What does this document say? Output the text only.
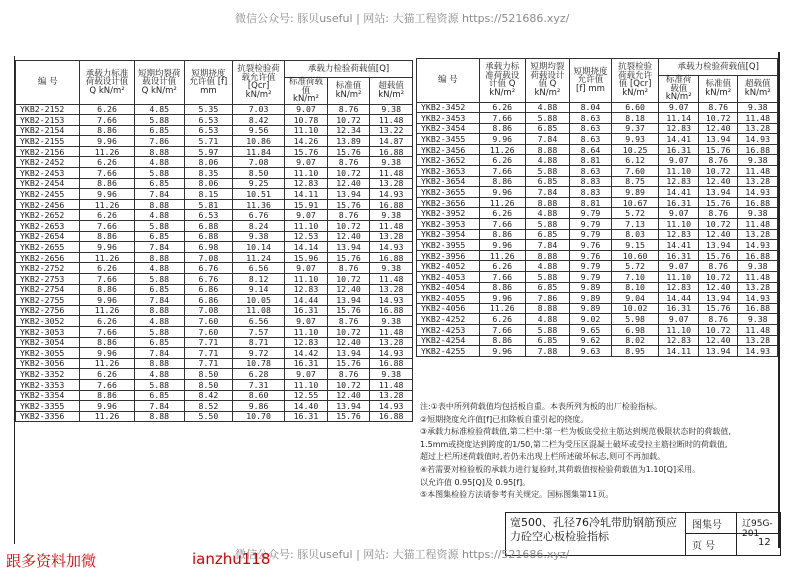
微信公众号: 豚贝useful | 网站: 大猫工程资源 https://521686.xyz/
编 号	承载力标准荷载设计值 Q kN/m²	短期均裂荷载设计值 Q kN/m²	短期挠度允许值 [f] mm	抗裂检验荷载允许值 [Qcr] kN/m²	承载力检验荷载值[Q]		
					标准荷载值 kN/m²	标准值 kN/m²	超载值 kN/m²
YKB2-2152	6.26	4.85	5.35	7.03	9.07	8.76	9.38
YKB2-2153	7.66	5.88	6.53	8.42	10.78	10.72	11.48
YKB2-2154	8.86	6.85	6.53	9.56	11.10	12.34	13.22
YKB2-2155	9.96	7.86	5.71	10.86	14.26	13.89	14.87
YKB2-2156	11.26	8.88	5.97	11.84	15.76	15.76	16.88
YKB2-2452	6.26	4.88	8.06	7.08	9.07	8.76	9.38
YKB2-2453	7.66	5.88	8.35	8.50	11.10	10.72	11.48
YKB2-2454	8.86	6.85	8.06	9.25	12.83	12.40	13.28
YKB2-2455	9.96	7.84	8.15	10.51	14.11	13.94	14.93
YKB2-2456	11.26	8.88	5.81	11.36	15.91	15.76	16.88
YKB2-2652	6.26	4.88	6.53	6.76	9.07	8.76	9.38
YKB2-2653	7.66	5.88	6.88	8.24	11.10	10.72	11.48
YKB2-2654	8.86	6.85	6.88	9.38	12.53	12.40	13.28
YKB2-2655	9.96	7.84	6.98	10.14	14.14	13.94	14.93
YKB2-2656	11.26	8.88	7.08	11.24	15.96	15.76	16.88
YKB2-2752	6.26	4.88	6.76	6.56	9.07	8.76	9.38
YKB2-2753	7.66	5.88	6.76	8.12	11.10	10.72	11.48
YKB2-2754	8.86	6.85	6.86	9.14	12.83	12.40	13.28
YKB2-2755	9.96	7.84	6.86	10.05	14.44	13.94	14.93
YKB2-2756	11.26	8.88	7.08	11.08	16.31	15.76	16.88
YKB2-3052	6.26	4.88	7.60	6.56	9.07	8.76	9.38
YKB2-3053	7.66	5.88	7.60	7.57	11.10	10.72	11.48
YKB2-3054	8.86	6.85	7.71	8.71	12.83	12.40	13.28
YKB2-3055	9.96	7.84	7.71	9.72	14.42	13.94	14.93
YKB2-3056	11.26	8.88	7.71	10.78	16.31	15.76	16.88
YKB2-3352	6.26	4.88	8.50	6.28	9.07	8.76	9.38
YKB2-3353	7.66	5.88	8.50	7.31	11.10	10.72	11.48
YKB2-3354	8.86	6.85	8.42	8.60	12.55	12.40	13.28
YKB2-3355	9.96	7.84	8.52	9.86	14.40	13.94	14.93
YKB2-3356	11.26	8.88	5.50	10.70	16.31	15.76	16.88
编 号	承载力标准荷载设计值 Q kN/m²	短期均裂荷载设计值 Q kN/m²	短期挠度允许值 [f] mm	抗裂检验荷载允许值 [Qcr] kN/m²	承载力检验荷载值[Q]		
					标准荷载值 kN/m²	标准值 kN/m²	超载值 kN/m²
YKB2-3452	6.26	4.88	8.04	6.60	9.07	8.76	9.38
YKB2-3453	7.66	5.88	8.63	8.18	11.14	10.72	11.48
YKB2-3454	8.86	6.85	8.63	9.37	12.83	12.40	13.28
YKB2-3455	9.96	7.84	8.63	9.93	14.41	13.94	14.93
YKB2-3456	11.26	8.88	8.64	10.25	16.31	15.76	16.88
YKB2-3652	6.26	4.88	8.81	6.12	9.07	8.76	9.38
YKB2-3653	7.66	5.88	8.63	7.60	11.10	10.72	11.48
YKB2-3654	8.86	6.85	8.83	8.75	12.83	12.40	13.28
YKB2-3655	9.96	7.84	8.83	9.89	14.41	13.94	14.93
YKB2-3656	11.26	8.88	8.81	10.67	16.31	15.76	16.88
YKB2-3952	6.26	4.88	9.79	5.72	9.07	8.76	9.38
YKB2-3953	7.66	5.88	9.79	7.13	11.10	10.72	11.48
YKB2-3954	8.86	6.85	9.79	8.03	12.83	12.40	13.28
YKB2-3955	9.96	7.84	9.76	9.15	14.41	13.94	14.93
YKB2-3956	11.26	8.88	9.76	10.60	16.31	15.76	16.88
YKB2-4052	6.26	4.88	9.79	5.72	9.07	8.76	9.38
YKB2-4053	7.66	5.88	9.79	7.10	11.10	10.72	11.48
YKB2-4054	8.86	6.85	9.89	8.10	12.83	12.40	13.28
YKB2-4055	9.96	7.86	9.89	9.04	14.44	13.94	14.93
YKB2-4056	11.26	8.88	9.89	10.02	16.31	15.76	16.88
YKB2-4252	6.26	4.88	9.02	5.98	9.07	8.76	9.38
YKB2-4253	7.66	5.88	9.65	6.98	11.10	10.72	11.48
YKB2-4254	8.86	6.85	9.62	8.02	12.83	12.40	13.28
YKB2-4255	9.96	7.88	9.63	8.95	14.11	13.94	14.93

注:①表中所列荷载值均包括板自重。本表所列为板的出厂检验指标。

②短期挠度允许值[f]已扣除板自重引起的挠度。

③承载力标准检验荷载值,第二栏中:第一栏为板底受拉主筋达到规范极限状态时的荷载值,

1.5mm或挠度达到跨度的1/50,第二栏为受压区混凝土破坏或受拉主筋拉断时的荷载值,

超过上栏所述荷载值时,若仍未出现上栏所述破坏标志,则可不再加载。

④若需要对检验板的承载力进行复验时,其荷载值按检验荷载值为1.10[Q]采用。

以允许值 0.95[Q]及 0.95[f]。

⑤本图集检验方法请参考有关规定。国标图集第11页。

宽500、孔径76冷轧带肋钢筋预应力砼空心板检验指标
图集号 辽95G-201
页 号	12
微信公众号: 豚贝useful | 网站: 大猫工程资源 https://521686.xyz/
跟多资料加微	ianzhu118
